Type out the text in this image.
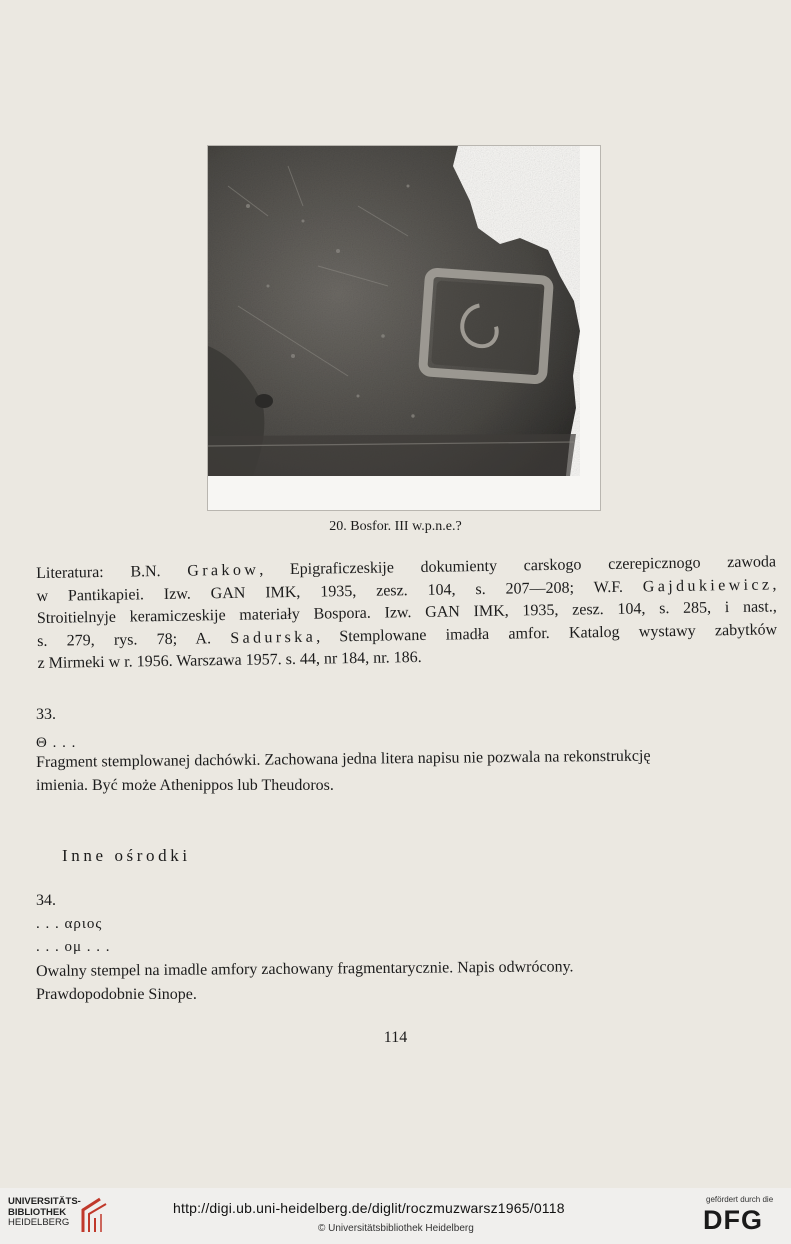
20. Bosfor. III w.p.n.e.?
Literatura: B.N. Grakow, Epigraficzeskije dokumienty carskogo czerepicznogo zawoda
w Pantikapiei. Izw. GAN IMK, 1935, zesz. 104, s. 207—208; W.F. Gajdukiewicz,
Stroitielnyje keramiczeskije materiały Bospora. Izw. GAN IMK, 1935, zesz. 104, s. 285, i nast.,
s. 279, rys. 78; A. Sadurska, Stemplowane imadła amfor. Katalog wystawy zabytków
z Mirmeki w r. 1956. Warszawa 1957. s. 44, nr 184, nr. 186.
33.
Θ . . .
Fragment stemplowanej dachówki. Zachowana jedna litera napisu nie pozwala na rekonstrukcję
imienia. Być może Athenippos lub Theudoros.
Inne ośrodki
34.
. . . αριος
. . . ομ . . .
Owalny stempel na imadle amfory zachowany fragmentarycznie. Napis odwrócony.
Prawdopodobnie Sinope.
114
UNIVERSITÄTS-
BIBLIOTHEK
HEIDELBERG
http://digi.ub.uni-heidelberg.de/diglit/roczmuzwarsz1965/0118
© Universitätsbibliothek Heidelberg
gefördert durch die
DFG
